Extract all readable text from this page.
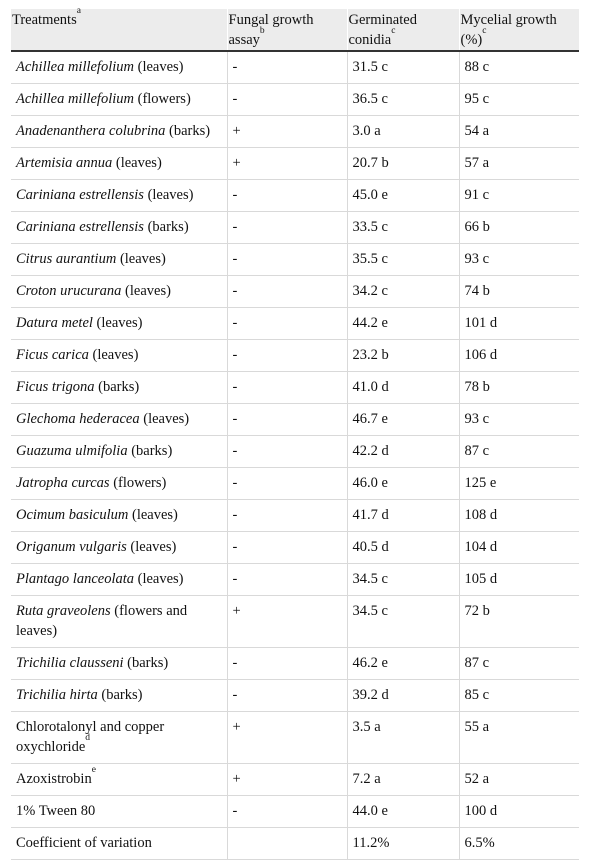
Treatments$^a$	Fungal growth assay$^b$	Germinated conidia$^c$	Mycelial growth (%)$^c$
Achillea millefolium (leaves)	-	31.5 c	88 c
Achillea millefolium (flowers)	-	36.5 c	95 c
Anadenanthera colubrina (barks)	+	3.0 a	54 a
Artemisia annua (leaves)	+	20.7 b	57 a
Cariniana estrellensis (leaves)	-	45.0 e	91 c
Cariniana estrellensis (barks)	-	33.5 c	66 b
Citrus aurantium (leaves)	-	35.5 c	93 c
Croton urucurana (leaves)	-	34.2 c	74 b
Datura metel (leaves)	-	44.2 e	101 d
Ficus carica (leaves)	-	23.2 b	106 d
Ficus trigona (barks)	-	41.0 d	78 b
Glechoma hederacea (leaves)	-	46.7 e	93 c
Guazuma ulmifolia (barks)	-	42.2 d	87 c
Jatropha curcas (flowers)	-	46.0 e	125 e
Ocimum basiculum (leaves)	-	41.7 d	108 d
Origanum vulgaris (leaves)	-	40.5 d	104 d
Plantago lanceolata (leaves)	-	34.5 c	105 d
Ruta graveolens (flowers and leaves)	+	34.5 c	72 b
Trichilia clausseni (barks)	-	46.2 e	87 c
Trichilia hirta (barks)	-	39.2 d	85 c
Chlorotalonyl and copper oxychloride$^d$	+	3.5 a	55 a
Azoxistrobin$^e$	+	7.2 a	52 a
1% Tween 80	-	44.0 e	100 d
Coefficient of variation		11.2%	6.5%
